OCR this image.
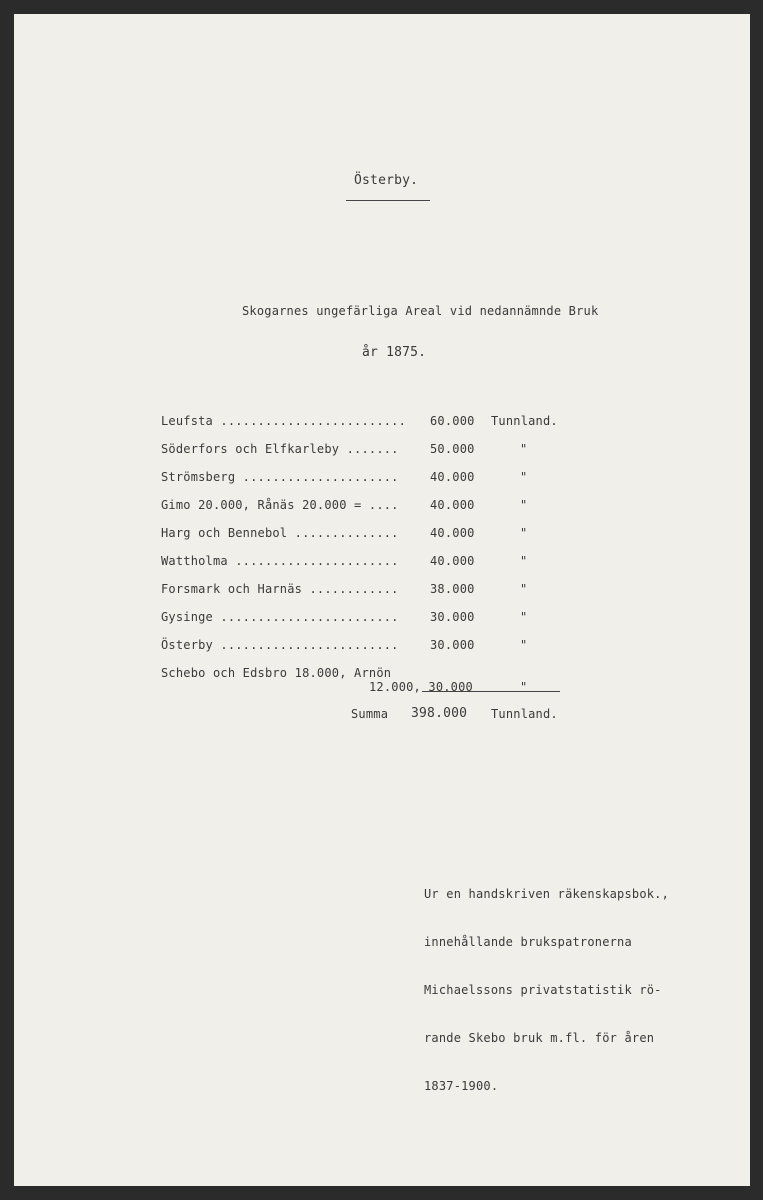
Österby.
Skogarnes ungefärliga Areal vid nedannämnde Bruk
år 1875.
Leufsta ......................... 60.000 Tunnland.
Söderfors och Elfkarleby .......	50.000	"
Strömsberg .....................	40.000	"
Gimo 20.000, Rånäs 20.000 = ....	40.000	"
Harg och Bennebol ..............	40.000	"
Wattholma ......................	40.000	"
Forsmark och Harnäs ............	38.000	"
Gysinge ........................	30.000	"
Österby ........................	30.000	"
Schebo och Edsbro 18.000, Arnön
12.000, 30.000	"
Summa 398.000 Tunnland.

Ur en handskriven räkenskapsbok.,

innehållande brukspatronerna

Michaelssons privatstatistik rö-

rande Skebo bruk m.fl. för åren

1837-1900.
